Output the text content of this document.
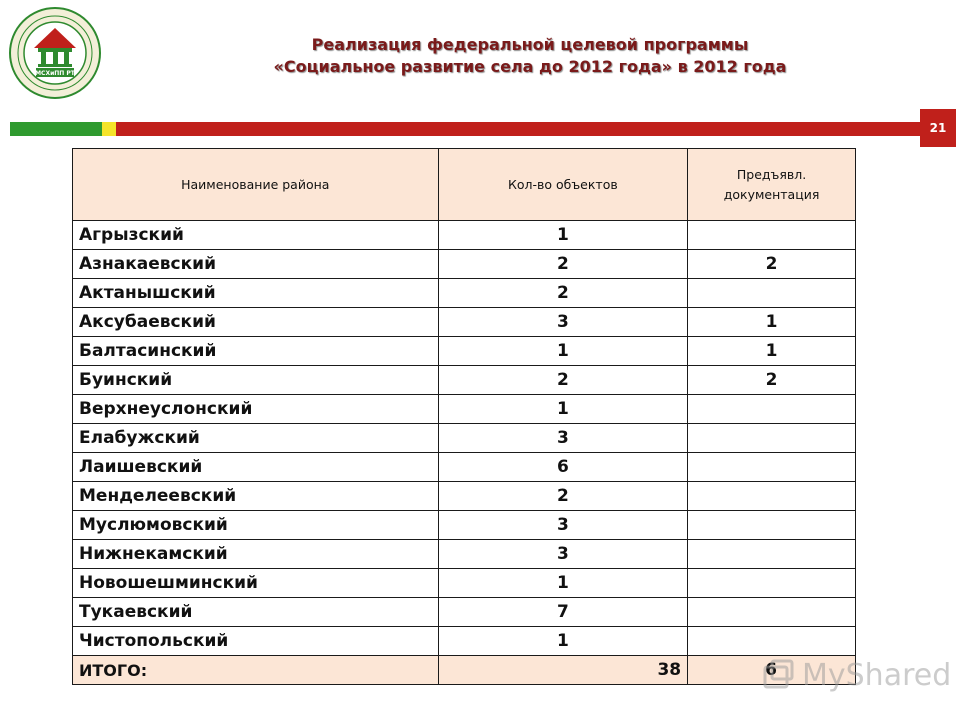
МСХиПП РТ
Реализация федеральной целевой программы
«Социальное развитие села до 2012 года» в 2012 года
21
Наименование района	Кол-во объектов	Предъявл. документация
Агрызский	1	
Азнакаевский	2	2
Актанышский	2	
Аксубаевский	3	1
Балтасинский	1	1
Буинский	2	2
Верхнеуслонский	1	
Елабужский	3	
Лаишевский	6	
Менделеевский	2	
Муслюмовский	3	
Нижнекамский	3	
Новошешминский	1	
Тукаевский	7	
Чистопольский	1	
ИТОГО:	38	6 MyShared
